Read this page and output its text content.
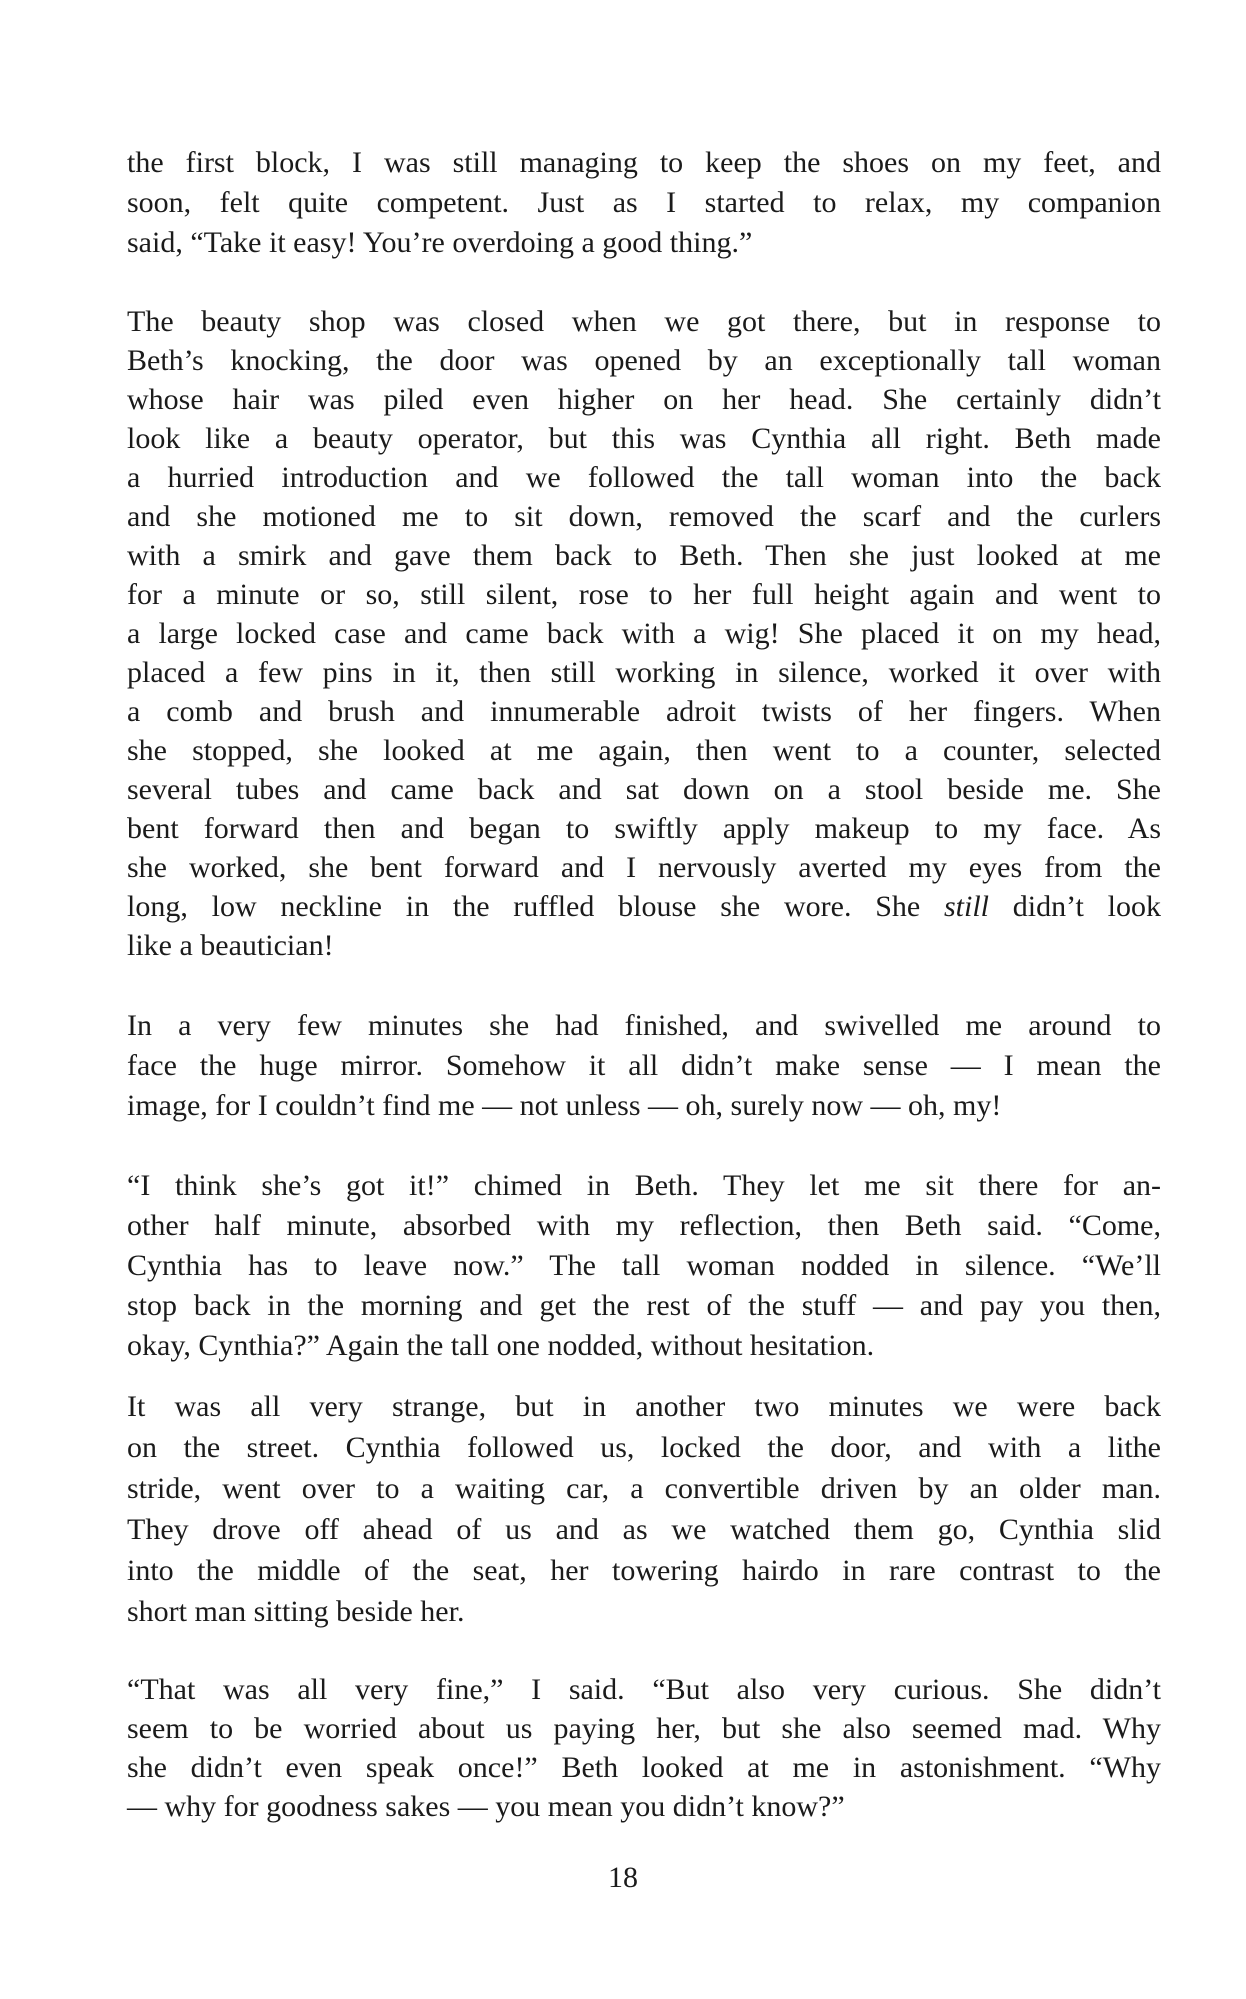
the first block, I was still managing to keep the shoes on my feet, and
soon, felt quite competent. Just as I started to relax, my companion
said, “Take it easy! You’re overdoing a good thing.”
The beauty shop was closed when we got there, but in response to
Beth’s knocking, the door was opened by an exceptionally tall woman
whose hair was piled even higher on her head. She certainly didn’t
look like a beauty operator, but this was Cynthia all right. Beth made
a hurried introduction and we followed the tall woman into the back
and she motioned me to sit down, removed the scarf and the curlers
with a smirk and gave them back to Beth. Then she just looked at me
for a minute or so, still silent, rose to her full height again and went to
a large locked case and came back with a wig! She placed it on my head,
placed a few pins in it, then still working in silence, worked it over with
a comb and brush and innumerable adroit twists of her fingers. When
she stopped, she looked at me again, then went to a counter, selected
several tubes and came back and sat down on a stool beside me. She
bent forward then and began to swiftly apply makeup to my face. As
she worked, she bent forward and I nervously averted my eyes from the
long, low neckline in the ruffled blouse she wore. She still didn’t look
like a beautician!
In a very few minutes she had finished, and swivelled me around to
face the huge mirror. Somehow it all didn’t make sense — I mean the
image, for I couldn’t find me — not unless — oh, surely now — oh, my!
“I think she’s got it!” chimed in Beth. They let me sit there for an-
other half minute, absorbed with my reflection, then Beth said. “Come,
Cynthia has to leave now.” The tall woman nodded in silence. “We’ll
stop back in the morning and get the rest of the stuff — and pay you then,
okay, Cynthia?” Again the tall one nodded, without hesitation.
It was all very strange, but in another two minutes we were back
on the street. Cynthia followed us, locked the door, and with a lithe
stride, went over to a waiting car, a convertible driven by an older man.
They drove off ahead of us and as we watched them go, Cynthia slid
into the middle of the seat, her towering hairdo in rare contrast to the
short man sitting beside her.
“That was all very fine,” I said. “But also very curious. She didn’t
seem to be worried about us paying her, but she also seemed mad. Why
she didn’t even speak once!” Beth looked at me in astonishment. “Why
— why for goodness sakes — you mean you didn’t know?”
18
